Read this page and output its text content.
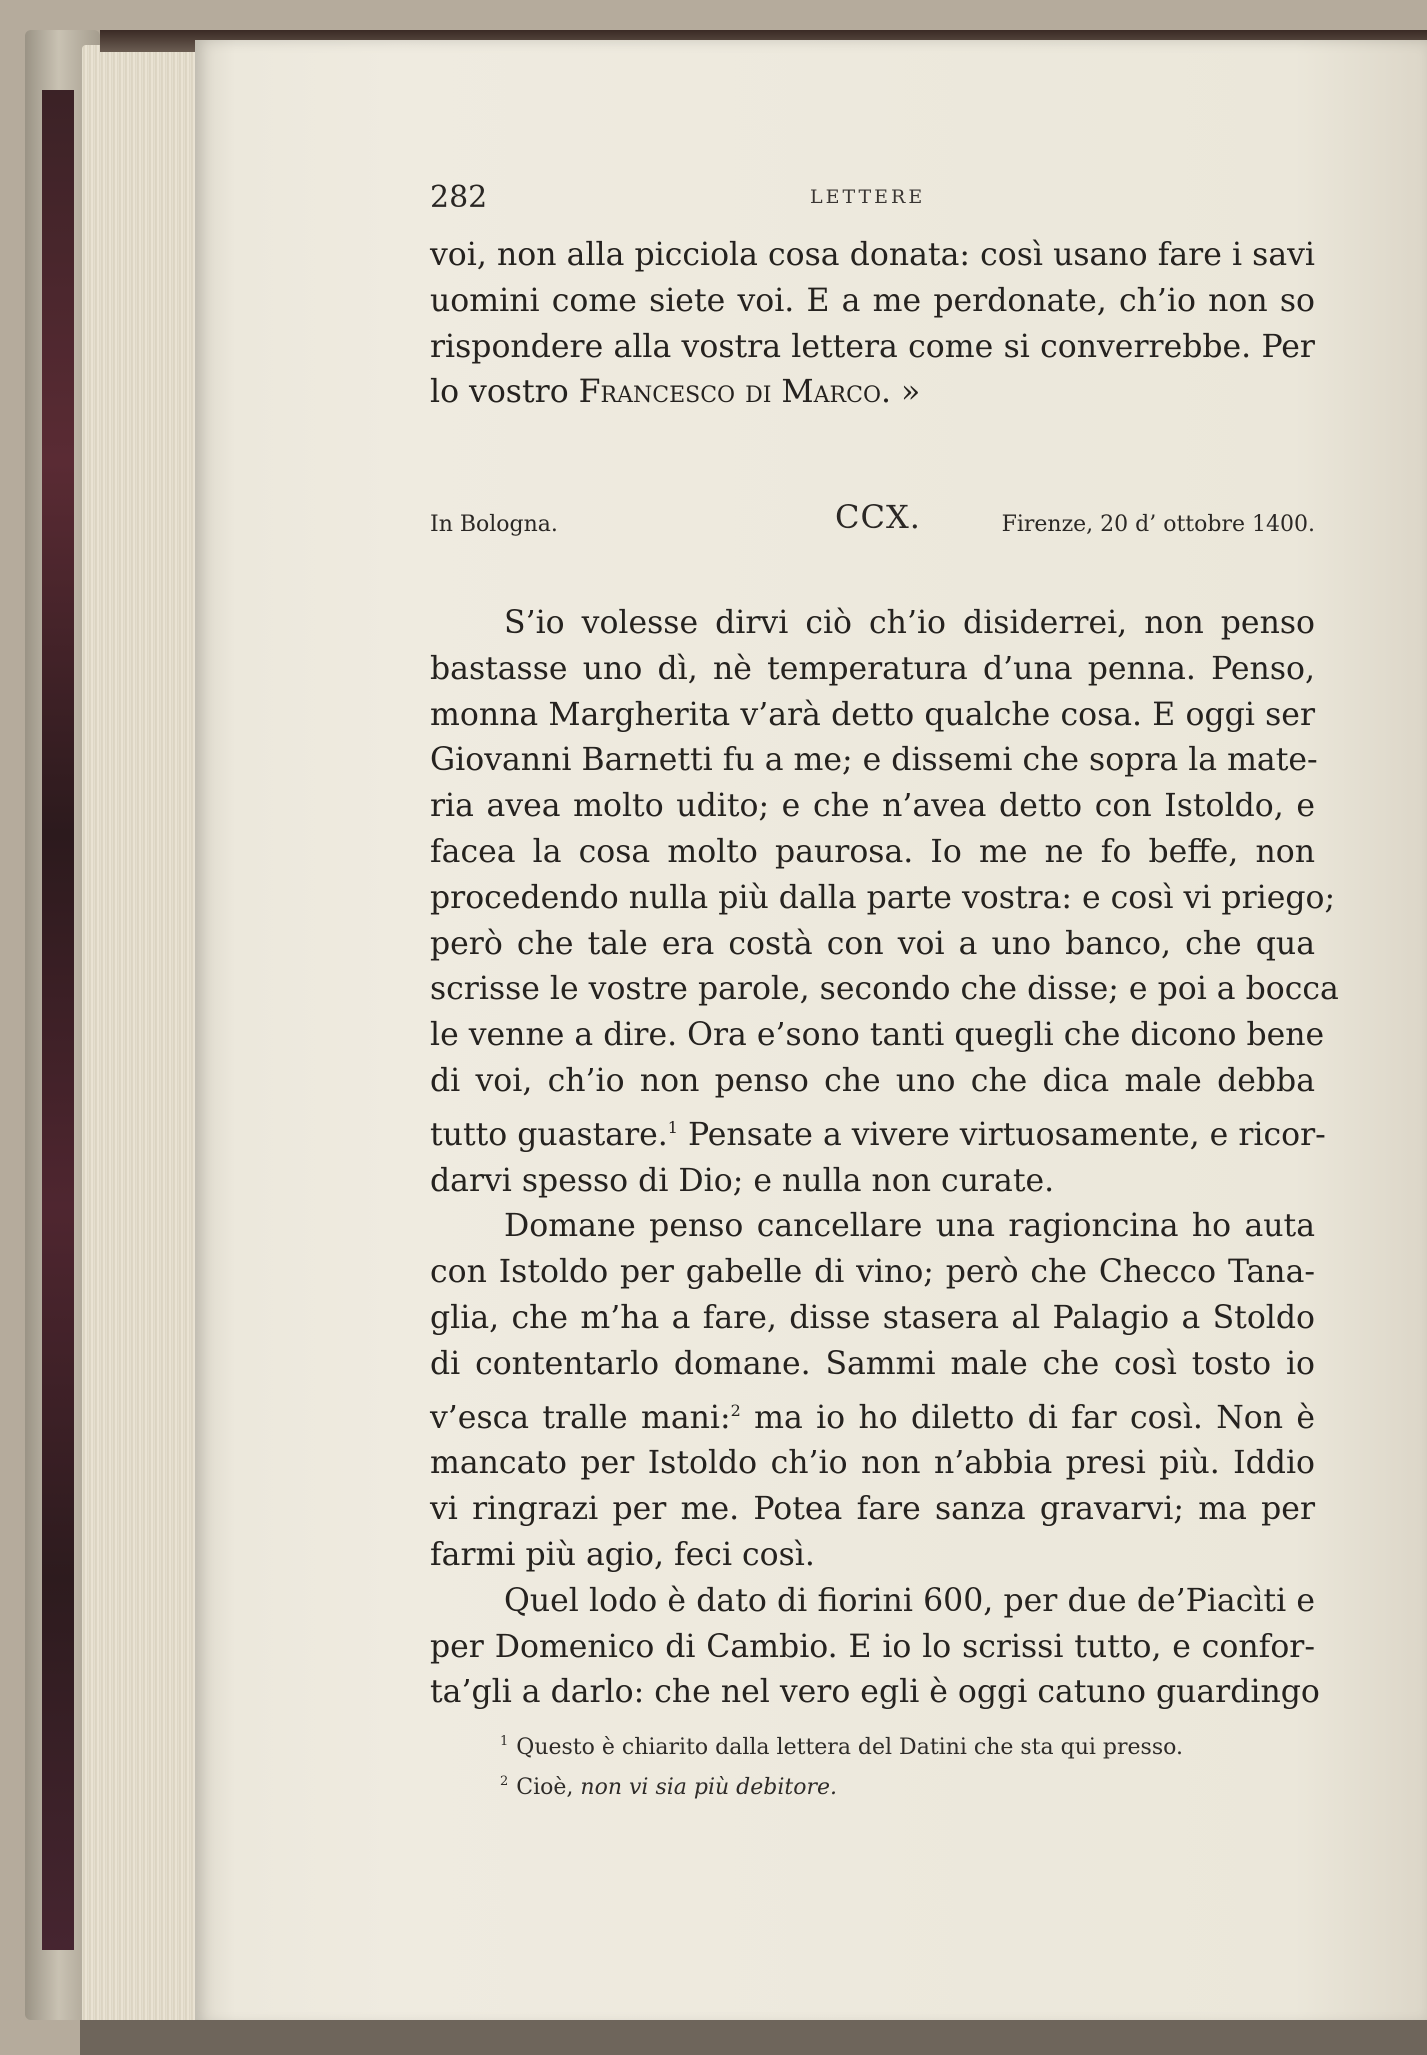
282	LETTERE
voi, non alla picciola cosa donata: così usano fare i savi
uomini come siete voi. E a me perdonate, ch’io non so
rispondere alla vostra lettera come si converrebbe. Per
lo vostro Francesco di Marco. »
In Bologna.	CCX.	Firenze, 20 d’ ottobre 1400.
S’io volesse dirvi ciò ch’io disiderrei, non penso
bastasse uno dì, nè temperatura d’una penna. Penso,
monna Margherita v’arà detto qualche cosa. E oggi ser
Giovanni Barnetti fu a me; e dissemi che sopra la mate-
ria avea molto udito; e che n’avea detto con Istoldo, e
facea la cosa molto paurosa. Io me ne fo beffe, non
procedendo nulla più dalla parte vostra: e così vi priego;
però che tale era costà con voi a uno banco, che qua
scrisse le vostre parole, secondo che disse; e poi a bocca
le venne a dire. Ora e’sono tanti quegli che dicono bene
di voi, ch’io non penso che uno che dica male debba
tutto guastare.$^1$ Pensate a vivere virtuosamente, e ricor-
darvi spesso di Dio; e nulla non curate.
Domane penso cancellare una ragioncina ho auta
con Istoldo per gabelle di vino; però che Checco Tana-
glia, che m’ha a fare, disse stasera al Palagio a Stoldo
di contentarlo domane. Sammi male che così tosto io
v’esca tralle mani:$^2$ ma io ho diletto di far così. Non è
mancato per Istoldo ch’io non n’abbia presi più. Iddio
vi ringrazi per me. Potea fare sanza gravarvi; ma per
farmi più agio, feci così.
Quel lodo è dato di fiorini 600, per due de’Piacìti e
per Domenico di Cambio. E io lo scrissi tutto, e confor-
ta’gli a darlo: che nel vero egli è oggi catuno guardingo
$^1$ Questo è chiarito dalla lettera del Datini che sta qui presso.
$^2$ Cioè, non vi sia più debitore.
